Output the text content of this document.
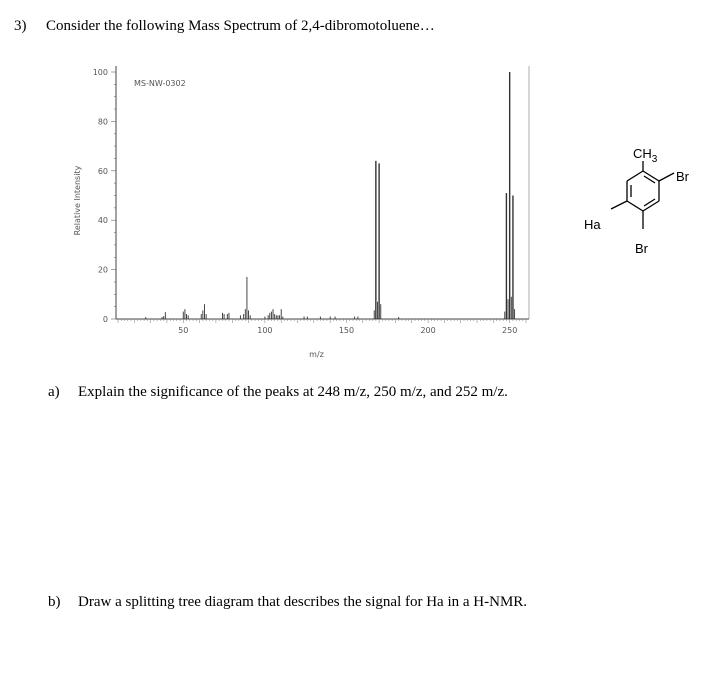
3) Consider the following Mass Spectrum of 2,4-dibromotoluene…
0
20
40
60
80
100
50	100	150	200	250
m/z
Relative Intensity
MS-NW-0302
$CH_3$
Br
Ha
Br
a) Explain the significance of the peaks at 248 m/z, 250 m/z, and 252 m/z.
b) Draw a splitting tree diagram that describes the signal for Ha in a H-NMR.
